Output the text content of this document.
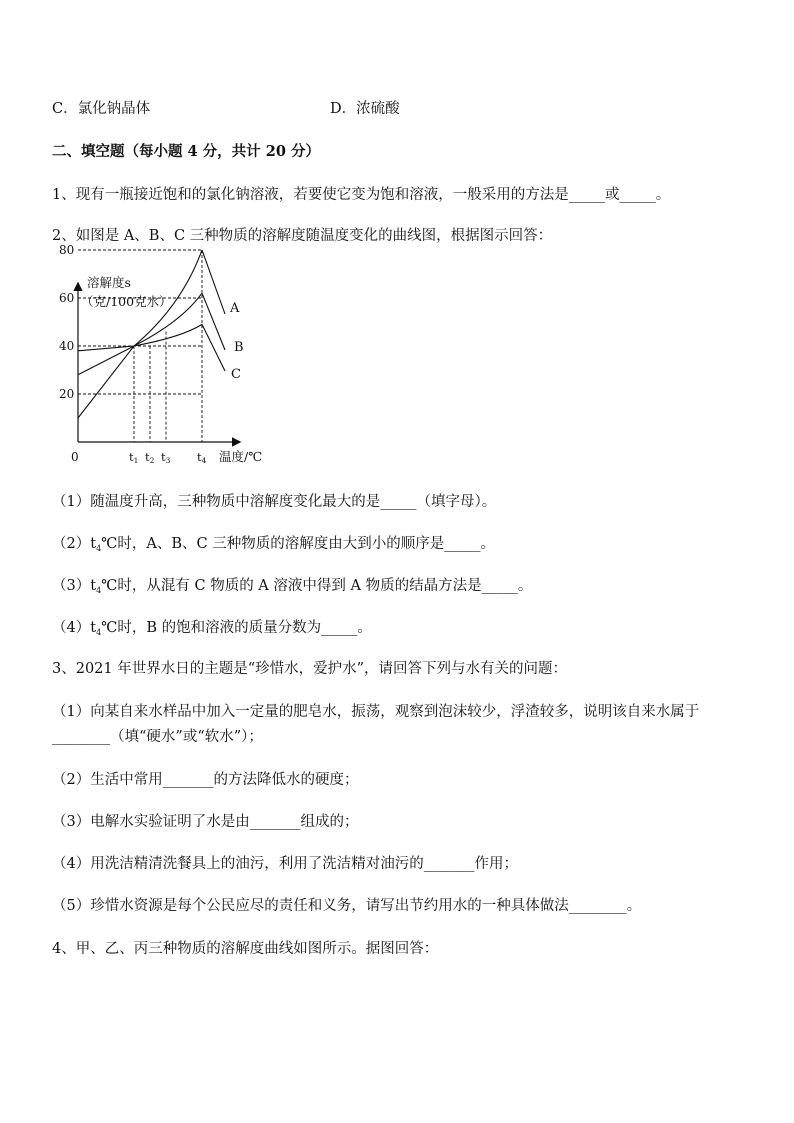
C．氯化钠晶体	D．浓硫酸
二、填空题（每小题 4 分，共计 20 分）
1、现有一瓶接近饱和的氯化钠溶液，若要使它变为饱和溶液，一般采用的方法是_____或_____。
2、如图是 A、B、C 三种物质的溶解度随温度变化的曲线图，根据图示回答：
溶解度s
（克/100克水）
温度/℃
0
80
60
40
20
t1 t2 t3 t4
A
B
C
（1）随温度升高，三种物质中溶解度变化最大的是_____（填字母）。
$(2)t_4℃$时，A、B、C 三种物质的溶解度由大到小的顺序是_____。
$(3)t_4℃$时，从混有 C 物质的 A 溶液中得到 A 物质的结晶方法是_____。
$(4)t_4℃$时，B 的饱和溶液的质量分数为_____。
3、2021 年世界水日的主题是“珍惜水，爱护水”，请回答下列与水有关的问题：
（1）向某自来水样品中加入一定量的肥皂水，振荡，观察到泡沫较少，浮渣较多，说明该自来水属于
________（填“硬水”或“软水”）；
（2）生活中常用_______的方法降低水的硬度；
（3）电解水实验证明了水是由_______组成的；
（4）用洗洁精清洗餐具上的油污，利用了洗洁精对油污的_______作用；
（5）珍惜水资源是每个公民应尽的责任和义务，请写出节约用水的一种具体做法________。
4、甲、乙、丙三种物质的溶解度曲线如图所示。据图回答：
